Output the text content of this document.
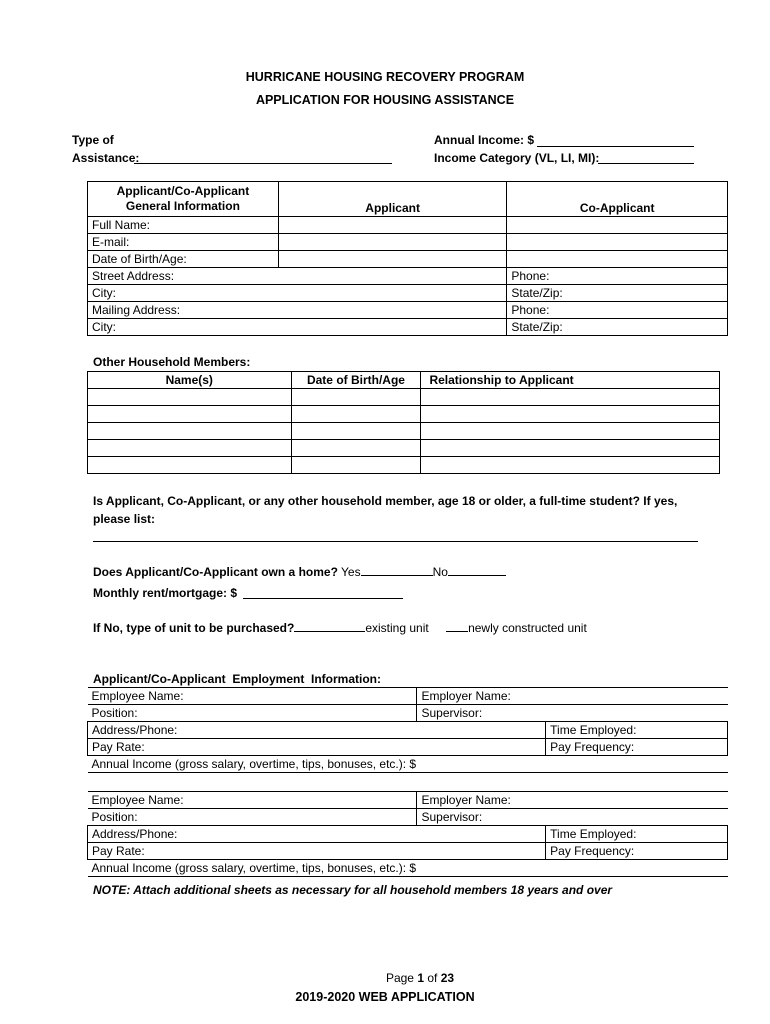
HURRICANE HOUSING RECOVERY PROGRAM
APPLICATION FOR HOUSING ASSISTANCE
Type of
Assistance:
Annual Income: $
Income Category (VL, LI, MI):
Applicant/Co-Applicant
General Information	Applicant	Co-Applicant
Full Name:		
E-mail:		
Date of Birth/Age:		
Street Address:		Phone:
City:		State/Zip:
Mailing Address:		Phone:
City:		State/Zip:
Other Household Members:
Name(s)	Date of Birth/Age	Relationship to Applicant

Is Applicant, Co-Applicant, or any other household member, age 18 or older, a full-time student? If yes,
please list:
Does Applicant/Co-Applicant own a home? Yes	No
Monthly rent/mortgage: $
If No, type of unit to be purchased?	existing unit	newly constructed unit
Applicant/Co-Applicant  Employment  Information:
Employee Name:	Employer Name:	
Position:	Supervisor:	
Address/Phone:		Time Employed:
Pay Rate:		Pay Frequency:
Annual Income (gross salary, overtime, tips, bonuses, etc.): $		
Employee Name:	Employer Name:	
Position:	Supervisor:	
Address/Phone:		Time Employed:
Pay Rate:		Pay Frequency:
Annual Income (gross salary, overtime, tips, bonuses, etc.): $		
NOTE: Attach additional sheets as necessary for all household members 18 years and over
Page 1 of 23
2019-2020 WEB APPLICATION
